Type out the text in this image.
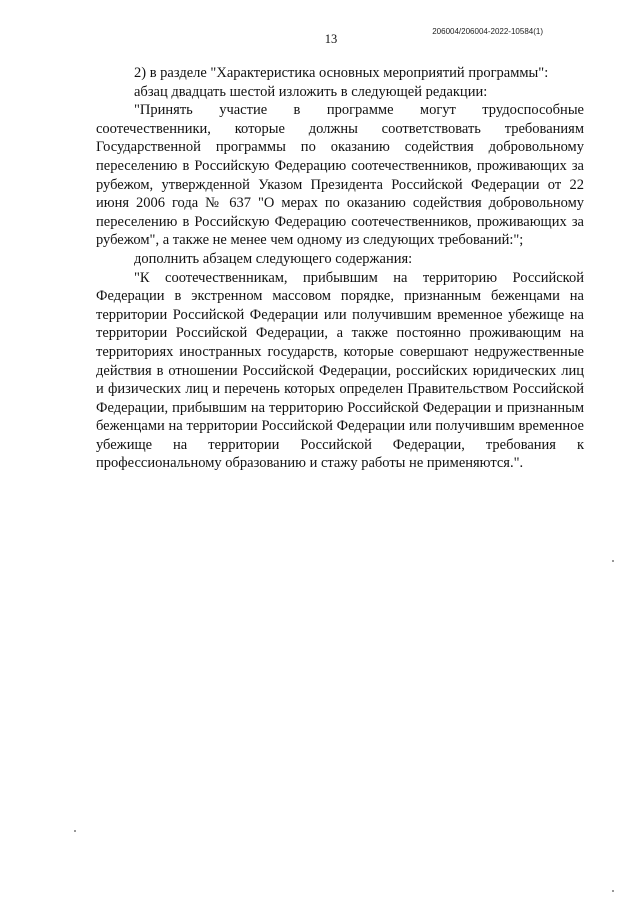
206004/206004-2022-10584(1)
13

2) в разделе "Характеристика основных мероприятий программы":

абзац двадцать шестой изложить в следующей редакции:

"Принять участие в программе могут трудоспособные соотечественники, которые должны соответствовать требованиям Государственной программы по оказанию содействия добровольному переселению в Российскую Федерацию соотечественников, проживающих за рубежом, утвержденной Указом Президента Российской Федерации от 22 июня 2006 года № 637 "О мерах по оказанию содействия добровольному переселению в Российскую Федерацию соотечественников, проживающих за рубежом", а также не менее чем одному из следующих требований:";

дополнить абзацем следующего содержания:

"К соотечественникам, прибывшим на территорию Российской Федерации в экстренном массовом порядке, признанным беженцами на территории Российской Федерации или получившим временное убежище на территории Российской Федерации, а также постоянно проживающим на территориях иностранных государств, которые совершают недружественные действия в отношении Российской Федерации, российских юридических лиц и физических лиц и перечень которых определен Правительством Российской Федерации, прибывшим на территорию Российской Федерации и признанным беженцами на территории Российской Федерации или получившим временное убежище на территории Российской Федерации, требования к профессиональному образованию и стажу работы не применяются.".
